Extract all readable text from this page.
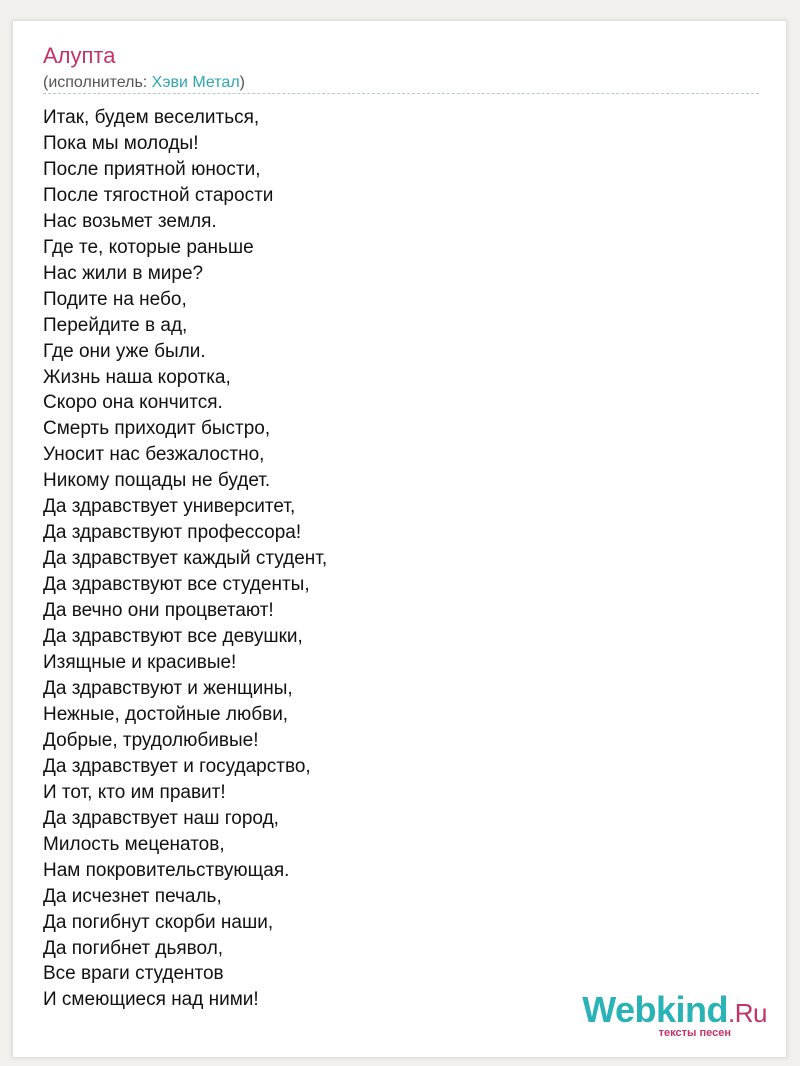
Алупта
(исполнитель: Хэви Метал)
Итак, будем веселиться,
Пока мы молоды!
После приятной юности,
После тягостной старости
Нас возьмет земля.
Где те, которые раньше
Нас жили в мире?
Подите на небо,
Перейдите в ад,
Где они уже были.
Жизнь наша коротка,
Скоро она кончится.
Смерть приходит быстро,
Уносит нас безжалостно,
Никому пощады не будет.
Да здравствует университет,
Да здравствуют профессора!
Да здравствует каждый студент,
Да здравствуют все студенты,
Да вечно они процветают!
Да здравствуют все девушки,
Изящные и красивые!
Да здравствуют и женщины,
Нежные, достойные любви,
Добрые, трудолюбивые!
Да здравствует и государство,
И тот, кто им правит!
Да здравствует наш город,
Милость меценатов,
Нам покровительствующая.
Да исчезнет печаль,
Да погибнут скорби наши,
Да погибнет дьявол,
Все враги студентов
И смеющиеся над ними!	Webkind.Ru
тексты песен
